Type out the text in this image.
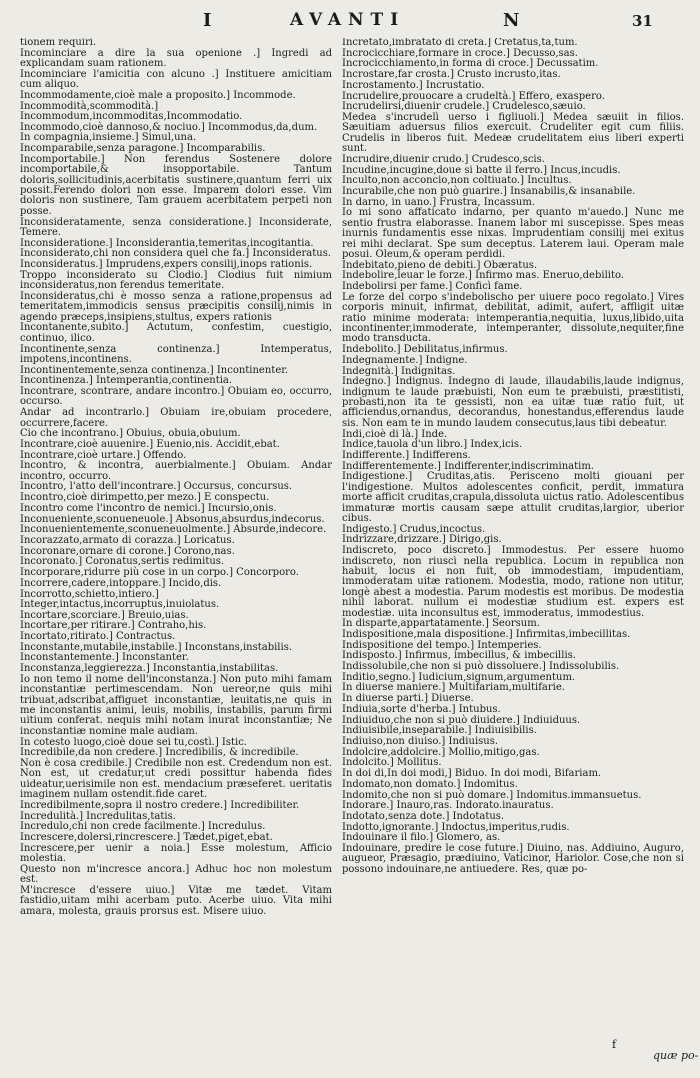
I	AVANTI	N	31

tionem requiri.

Incominciare a dire la sua openione .] Ingredi ad explicandam suam rationem.

Incominciare l'amicitia con alcuno .] Instituere amicitiam cum aliquo.

Incommodamente,cioè male a proposito.] Incommode.

Incommodità,scommodità.] Incommodum,incommoditas,Incommodatio.

Incommodo,cioè dannoso,& nociuo.] Incommodus,da,dum.

In compagnia,insieme.] Simul,una.

Incomparabile,senza paragone.] Incomparabilis.

Incomportabile.] Non ferendus Sostenere dolore incomportabile,& insopportabile. Tantum doloris,sollicitudinis,acerbitatis sustinere,quantum ferri uix possit.Ferendo dolori non esse. Imparem dolori esse. Vim doloris non sustinere, Tam grauem acerbitatem perpeti non posse.

Inconsideratamente, senza consideratione.] Inconsiderate, Temere.

Inconsideratione.] Inconsiderantia,temeritas,incogitantia.

Inconsiderato,chi non considera quel che fa.] Inconsideratus.

Inconsideratus.] Imprudens,expers consilij,inops rationis.

Troppo inconsiderato su Clodio.] Clodius fuit nimium inconsideratus,non ferendus temeritate.

Inconsideratus,chi è mosso senza a ratione,propensus ad temeritatem,immodicis sensus præcipitis consilij,nimis in agendo præceps,insipiens,stultus, expers rationis

Incontanente,subito.] Actutum, confestim, cuestigio, continuo, ilico.

Incontinente,senza continenza.] Intemperatus, impotens,incontinens.

Incontinentemente,senza continenza.] Incontinenter.

Incontinenza.] Intemperantia,continentia.

Incontrare, scontrare, andare incontro.] Obuiam eo, occurro, occurso.

Andar ad incontrarlo.] Obuiam ire,obuiam procedere, occurrere,facere.

Cio che incontrano.] Obuius, obuia,obuium.

Incontrare,cioè auuenire.] Euenio,nis. Accidit,ebat.

Incontrare,cioè urtare.] Offendo.

Incontro, & incontra, auerbialmente.] Obuiam. Andar incontro, occurro.

Incontro, l'atto dell'incontrare.] Occursus, concursus.

Incontro,cioè dirimpetto,per mezo.] E conspectu.

Incontro come l'incontro de nemici.] Incursio,onis.

Inconueniente,sconueneuole.] Absonus,absurdus,indecorus.

Inconuenientemente,sconueneuolmente.] Absurde,indecore.

Incorazzato,armato di corazza.] Loricatus.

Incoronare,ornare di corone.] Corono,nas.

Incoronato.] Coronatus,sertis redimitus.

Incorporare,ridurre più cose in un corpo.] Concorporo.

Incorrere,cadere,intoppare.] Incido,dis.

Incorrotto,schietto,intiero.] Integer,intactus,incorruptus,inuiolatus.

Incortare,scorciare.] Breuio,uias.

Incortare,per ritirare.] Contraho,his.

Incortato,ritirato.] Contractus.

Inconstante,mutabile,instabile.] Inconstans,instabilis.

Inconstantemente.] Inconstanter.

Inconstanza,leggierezza.] Inconstantia,instabilitas.

Io non temo il nome dell'inconstanza.] Non puto mihi famam inconstantiæ pertimescendam. Non uereor,ne quis mihi tribuat,adscribat,affiguet inconstantiæ, leuitatis,ne quis in me inconstantis animi, leuis, mobilis, instabilis, parum firmi uitium conferat. nequis mihi notam inurat inconstantiæ; Ne inconstantiæ nomine male audiam.

In cotesto luogo,cioè doue sei tu,costì.] Istic.

Incredibile,da non credere.] Incredibilis, & incredibile.

Non è cosa credibile.] Credibile non est. Credendum non est. Non est, ut credatur,ut credi possittur habenda fides uideatur,uerisimile non est. mendacium præseferet. ueritatis imaginem nullam ostendit.fide caret.

Incredibilmente,sopra il nostro credere.] Incredibiliter.

Incredulità.] Incredulitas,tatis.

Incredulo,chi non crede facilmente.] Incredulus.

Increscere,dolersi,rincrescere.] Tædet,piget,ebat.

Increscere,per uenir a noia.] Esse molestum, Afficio molestia.

Questo non m'incresce ancora.] Adhuc hoc non molestum est.

M'incresce d'essere uiuo.] Vitæ me tædet. Vitam fastidio,uitam mihi acerbam puto. Acerbe uiuo. Vita mihi amara, molesta, grauis prorsus est. Misere uiuo.

Incretato,imbratato di creta.] Cretatus,ta,tum.

Incrocicchiare,formare in croce.] Decusso,sas.

Incrocicchiamento,in forma di croce.] Decussatim.

Incrostare,far crosta.] Crusto incrusto,itas.

Incrostamento.] Incrustatio.

Incrudelire,prouocare a crudeltà.] Effero, exaspero.

Incrudelirsi,diuenir crudele.] Crudelesco,sæuio.

Medea s'incrudelì uerso i figliuoli.] Medea sæuiit in filios. Sæuitiam aduersus filios exercuit. Crudeliter egit cum filiis. Crudelis in liberos fuit. Medeæ crudelitatem eius liberi experti sunt.

Incrudire,diuenir crudo.] Crudesco,scis.

Incudine,incugine,doue si batte il ferro.] Incus,incudis.

Inculto,non acconcio,non coltiuato.] Incultus.

Incurabile,che non può guarire.] Insanabilis,& insanabile.

In darno, in uano.] Frustra, Incassum.

Io mi sono affaticato indarno, per quanto m'auedo.] Nunc me sentio frustra elaborasse. Inanem labor mi suscepisse. Spes meas inurnis fundamentis esse nixas. Imprudentiam consilij mei exitus rei mihi declarat. Spe sum deceptus. Laterem laui. Operam male posui. Oleum,& operam perdidi.

Indebitato,pieno de debiti.] Obæratus.

Indebolire,leuar le forze.] Infirmo mas. Eneruo,debilito.

Indebolirsi per fame.] Conficì fame.

Le forze del corpo s'indebolischo per uiuere poco regolato.] Vires corporis minuit, infirmat, debilitat, adimit, aufert, affligit uitæ ratio minime moderata: intemperantia,nequitia, luxus,libido,uita incontinenter,immoderate, intemperanter, dissolute,nequiter,fine modo transducta.

Indebolito.] Debilitatus,infirmus.

Indegnamente.] Indigne.

Indegnità.] Indignitas.

Indegno.] Indignus. Indegno di laude, illaudabilis,laude indignus, indignum te laude præbuisti, Non eum te præbuisti, præstitisti, probasti,non ita te gessisti, non ea uitæ tuæ ratio fuit, ut afficiendus,ornandus, decorandus, honestandus,efferendus laude sis. Non eam te in mundo laudem consecutus,laus tibi debeatur.

Indi,cioè di là.] Inde.

Indice,tauola d'un libro.] Index,icis.

Indifferente.] Indifferens.

Indifferentemente.] Indifferenter,indiscriminatim.

Indigestione.] Cruditas,atis. Perisceno molti giouani per l'indigestione. Multos adolescentes conficit, perdit, immatura morte afficit cruditas,crapula,dissoluta uictus ratio. Adolescentibus immaturæ mortis causam sæpe attulit cruditas,largior, uberior cibus.

Indigesto.] Crudus,incoctus.

Indrizzare,drizzare.] Dirigo,gis.

Indiscreto, poco discreto.] Immodestus. Per essere huomo indiscreto, non riuscì nella republica. Locum in republica non habuit, locus ei non fuit, ob immodestiam, impudentiam, immoderatam uitæ rationem. Modestia, modo, ratione non utitur, longè abest a modestia. Parum modestis est moribus. De modestia nihil laborat. nullum ei modestiæ studium est. expers est modestiæ. uita inconsultus est, immoderatus, immodestius.

In disparte,appartatamente.] Seorsum.

Indispositione,mala dispositione.] Infirmitas,imbecillitas.

Indispositione del tempo.] Intemperies.

Indisposto.] Infirmus, imbecillus, & imbecillis.

Indissolubile,che non si può dissoluere.] Indissolubilis.

Inditio,segno.] Iudicium,signum,argumentum.

In diuerse maniere.] Multifariam,multifarie.

In diuerse parti.] Diuerse.

Indiuia,sorte d'herba.] Intubus.

Indiuiduo,che non si può diuidere.] Indiuiduus.

Indiuisibile,inseparabile.] Indiuisibilis.

Indiuiso,non diuiso.] Indiuisus.

Indolcire,addolcire.] Mollio,mitigo,gas.

Indolcito.] Mollitus.

In doi di,In doi modi,] Biduo. In doi modi, Bifariam.

Indomato,non domato.] Indomitus.

Indomito,che non si può domare.] Indomitus.immansuetus.

Indorare.] Inauro,ras. Indorato.inauratus.

Indotato,senza dote.] Indotatus.

Indotto,ignorante.] Indoctus,imperitus,rudis.

Indouinare il filo.] Glomero, as.

Indouinare, predire le cose future.] Diuino, nas. Addiuino, Auguro, augueor, Præsagio, prædiuino, Vaticinor, Hariolor. Cose,che non si possono indouinare,ne antiuedere. Res, quæ po-

f
quæ po-
